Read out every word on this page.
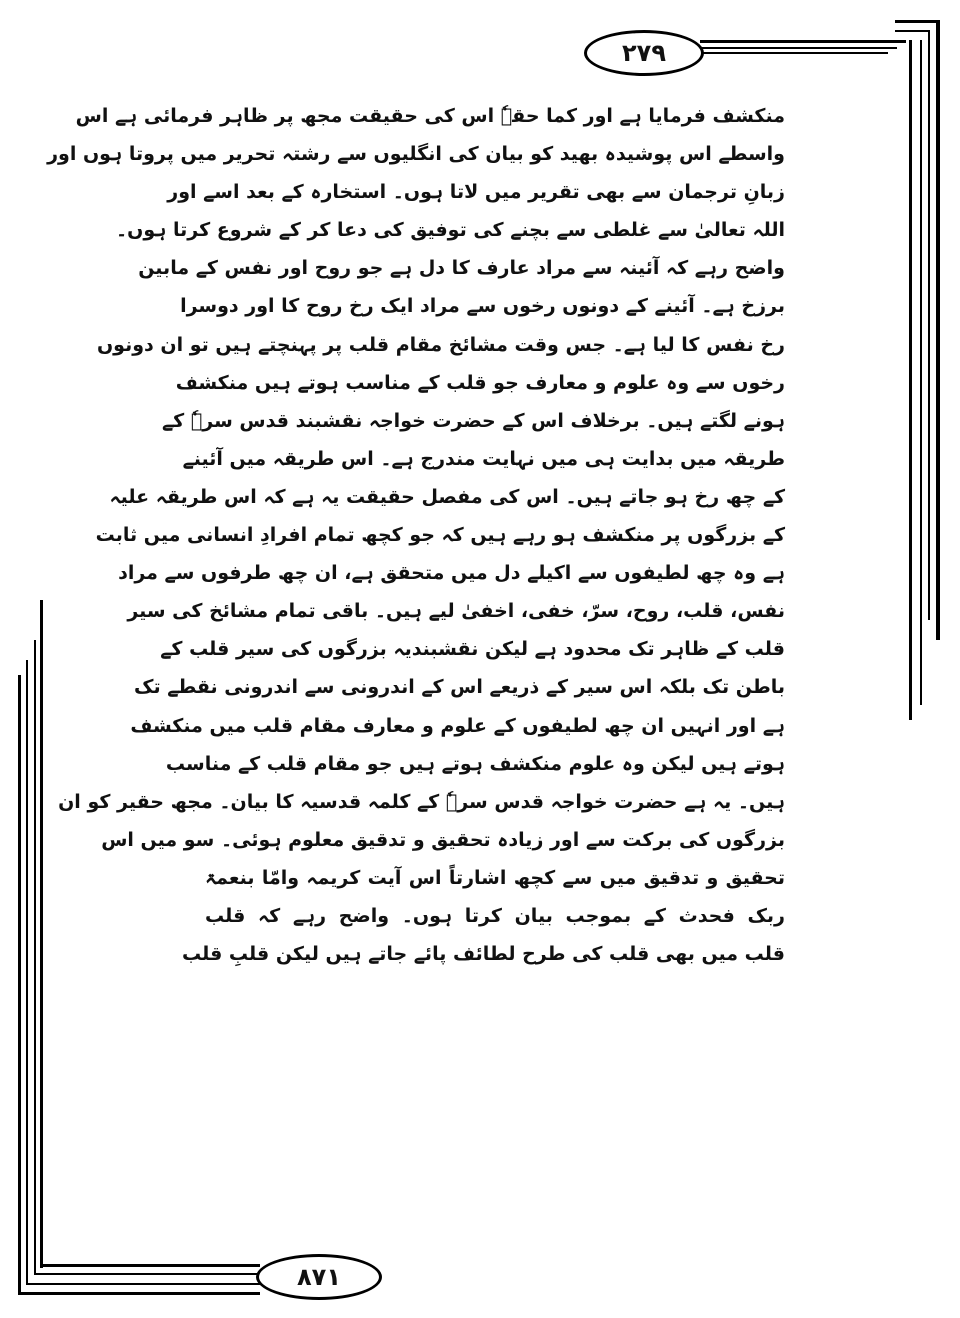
۲۷۹
۸۷۱
منکشف فرمایا ہے اور کما حقہٗ اس کی حقیقت مجھ پر ظاہر فرمائی ہے اس
واسطے اس پوشیدہ بھید کو بیان کی انگلیوں سے رشتہ تحریر میں پروتا ہوں اور
زبانِ ترجمان سے بھی تقریر میں لاتا ہوں۔ استخارہ کے بعد اسے اور
اللہ تعالیٰ سے غلطی سے بچنے کی توفیق کی دعا کر کے شروع کرتا ہوں۔
واضح رہے کہ آئینہ سے مراد عارف کا دل ہے جو روح اور نفس کے مابین
برزخ ہے۔ آئینے کے دونوں رخوں سے مراد ایک رخ روح کا اور دوسرا
رخ نفس کا لیا ہے۔ جس وقت مشائخ مقام قلب پر پہنچتے ہیں تو ان دونوں
رخوں سے وہ علوم و معارف جو قلب کے مناسب ہوتے ہیں منکشف
ہونے لگتے ہیں۔ برخلاف اس کے حضرت خواجہ نقشبند قدس سرہٗ کے
طریقہ میں بدایت ہی میں نہایت مندرج ہے۔ اس طریقہ میں آئینے
کے چھ رخ ہو جاتے ہیں۔ اس کی مفصل حقیقت یہ ہے کہ اس طریقہ علیہ
کے بزرگوں پر منکشف ہو رہے ہیں کہ جو کچھ تمام افرادِ انسانی میں ثابت
ہے وہ چھ لطیفوں سے اکیلے دل میں متحقق ہے، ان چھ طرفوں سے مراد
نفس، قلب، روح، سرّ، خفی، اخفیٰ لیے ہیں۔ باقی تمام مشائخ کی سیر
قلب کے ظاہر تک محدود ہے لیکن نقشبندیہ بزرگوں کی سیر قلب کے
باطن تک بلکہ اس سیر کے ذریعے اس کے اندرونی سے اندرونی نقطے تک
ہے اور انہیں ان چھ لطیفوں کے علوم و معارف مقام قلب میں منکشف
ہوتے ہیں لیکن وہ علوم منکشف ہوتے ہیں جو مقام قلب کے مناسب
ہیں۔ یہ ہے حضرت خواجہ قدس سرہٗ کے کلمہ قدسیہ کا بیان۔ مجھ حقیر کو ان
بزرگوں کی برکت سے اور زیادہ تحقیق و تدقیق معلوم ہوئی۔ سو میں اس
تحقیق و تدقیق میں سے کچھ اشارتاً اس آیت کریمہ وامّا بنعمۃ
ربک فحدث کے بموجب بیان کرتا ہوں۔ واضح رہے کہ قلب
قلب میں بھی قلب کی طرح لطائف پائے جاتے ہیں لیکن قلبِ قلب
